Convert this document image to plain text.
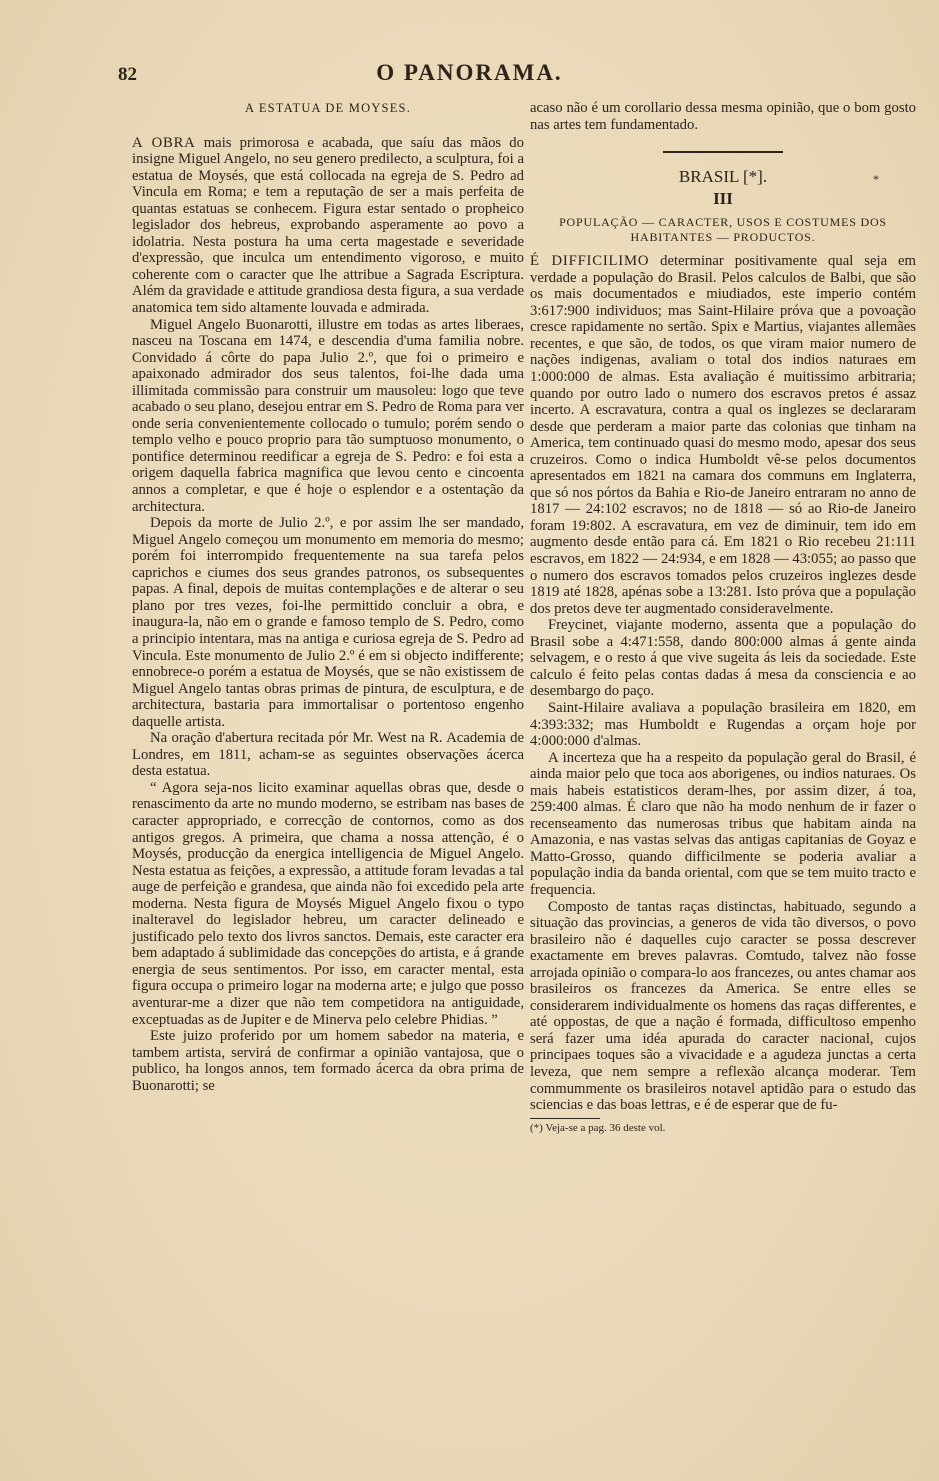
82	O PANORAMA.
A ESTATUA DE MOYSES.

A OBRA mais primorosa e acabada, que saíu das mãos do insigne Miguel Angelo, no seu genero predilecto, a sculptura, foi a estatua de Moysés, que está collocada na egreja de S. Pedro ad Vincula em Roma; e tem a reputação de ser a mais perfeita de quantas estatuas se conhecem. Figura estar sentado o propheico legislador dos hebreus, exprobando asperamente ao povo a idolatria. Nesta postura ha uma certa magestade e severidade d'expressão, que inculca um entendimento vigoroso, e muito coherente com o caracter que lhe attribue a Sagrada Escriptura. Além da gravidade e attitude grandiosa desta figura, a sua verdade anatomica tem sido altamente louvada e admirada.

Miguel Angelo Buonarotti, illustre em todas as artes liberaes, nasceu na Toscana em 1474, e descendia d'uma familia nobre. Convidado á côrte do papa Julio 2.º, que foi o primeiro e apaixonado admirador dos seus talentos, foi-lhe dada uma illimitada commissão para construir um mausoleu: logo que teve acabado o seu plano, desejou entrar em S. Pedro de Roma para ver onde seria convenientemente collocado o tumulo; porém sendo o templo velho e pouco proprio para tão sumptuoso monumento, o pontifice determinou reedificar a egreja de S. Pedro: e foi esta a origem daquella fabrica magnifica que levou cento e cincoenta annos a completar, e que é hoje o esplendor e a ostentação da architectura.

Depois da morte de Julio 2.º, e por assim lhe ser mandado, Miguel Angelo começou um monumento em memoria do mesmo; porém foi interrompido frequentemente na sua tarefa pelos caprichos e ciumes dos seus grandes patronos, os subsequentes papas. A final, depois de muitas contemplações e de alterar o seu plano por tres vezes, foi-lhe permittido concluir a obra, e inaugura-la, não em o grande e famoso templo de S. Pedro, como a principio intentara, mas na antiga e curiosa egreja de S. Pedro ad Vincula. Este monumento de Julio 2.º é em si objecto indifferente; ennobrece-o porém a estatua de Moysés, que se não existissem de Miguel Angelo tantas obras primas de pintura, de esculptura, e de architectura, bastaria para immortalisar o portentoso engenho daquelle artista.

Na oração d'abertura recitada pór Mr. West na R. Academia de Londres, em 1811, acham-se as seguintes observações ácerca desta estatua.

“ Agora seja-nos licito examinar aquellas obras que, desde o renascimento da arte no mundo moderno, se estribam nas bases de caracter appropriado, e correcção de contornos, como as dos antigos gregos. A primeira, que chama a nossa attenção, é o Moysés, producção da energica intelligencia de Miguel Angelo. Nesta estatua as feições, a expressão, a attitude foram levadas a tal auge de perfeição e grandesa, que ainda não foi excedido pela arte moderna. Nesta figura de Moysés Miguel Angelo fixou o typo inalteravel do legislador hebreu, um caracter delineado e justificado pelo texto dos livros sanctos. Demais, este caracter era bem adaptado á sublimidade das concepções do artista, e á grande energia de seus sentimentos. Por isso, em caracter mental, esta figura occupa o primeiro logar na moderna arte; e julgo que posso aventurar-me a dizer que não tem competidora na antiguidade, exceptuadas as de Jupiter e de Minerva pelo celebre Phidias. ”

Este juizo proferido por um homem sabedor na materia, e tambem artista, servirá de confirmar a opinião vantajosa, que o publico, ha longos annos, tem formado ácerca da obra prima de Buonarotti; se

acaso não é um corollario dessa mesma opinião, que o bom gosto nas artes tem fundamentado.

BRASIL [*].
III
POPULAÇÃO — CARACTER, USOS E COSTUMES DOS HABITANTES — PRODUCTOS.

É DIFFICILIMO determinar positivamente qual seja em verdade a população do Brasil. Pelos calculos de Balbi, que são os mais documentados e miudiados, este imperio contém 3:617:900 individuos; mas Saint-Hilaire próva que a povoação cresce rapidamente no sertão. Spix e Martius, viajantes allemães recentes, e que são, de todos, os que viram maior numero de nações indigenas, avaliam o total dos indios naturaes em 1:000:000 de almas. Esta avaliação é muitissimo arbitraria; quando por outro lado o numero dos escravos pretos é assaz incerto. A escravatura, contra a qual os inglezes se declararam desde que perderam a maior parte das colonias que tinham na America, tem continuado quasi do mesmo modo, apesar dos seus cruzeiros. Como o indica Humboldt vê-se pelos documentos apresentados em 1821 na camara dos communs em Inglaterra, que só nos pórtos da Bahia e Rio-de Janeiro entraram no anno de 1817 — 24:102 escravos; no de 1818 — só ao Rio-de Janeiro foram 19:802. A escravatura, em vez de diminuir, tem ido em augmento desde então para cá. Em 1821 o Rio recebeu 21:111 escravos, em 1822 — 24:934, e em 1828 — 43:055; ao passo que o numero dos escravos tomados pelos cruzeiros inglezes desde 1819 até 1828, apénas sobe a 13:281. Isto próva que a população dos pretos deve ter augmentado consideravelmente.

Freycinet, viajante moderno, assenta que a população do Brasil sobe a 4:471:558, dando 800:000 almas á gente ainda selvagem, e o resto á que vive sugeita ás leis da sociedade. Este calculo é feito pelas contas dadas á mesa da consciencia e ao desembargo do paço.

Saint-Hilaire avaliava a população brasileira em 1820, em 4:393:332; mas Humboldt e Rugendas a orçam hoje por 4:000:000 d'almas.

A incerteza que ha a respeito da população geral do Brasil, é ainda maior pelo que toca aos aborigenes, ou indios naturaes. Os mais habeis estatisticos deram-lhes, por assim dizer, á toa, 259:400 almas. É claro que não ha modo nenhum de ir fazer o recenseamento das numerosas tribus que habitam ainda na Amazonia, e nas vastas selvas das antigas capitanias de Goyaz e Matto-Grosso, quando difficilmente se poderia avaliar a população india da banda oriental, com que se tem muito tracto e frequencia.

Composto de tantas raças distinctas, habituado, segundo a situação das provincias, a generos de vida tão diversos, o povo brasileiro não é daquelles cujo caracter se possa descrever exactamente em breves palavras. Comtudo, talvez não fosse arrojada opinião o compara-lo aos francezes, ou antes chamar aos brasileiros os francezes da America. Se entre elles se considerarem individualmente os homens das raças differentes, e até oppostas, de que a nação é formada, difficultoso empenho será fazer uma idéa apurada do caracter nacional, cujos principaes toques são a vivacidade e a agudeza junctas a certa leveza, que nem sempre a reflexão alcança moderar. Tem commummente os brasileiros notavel aptidão para o estudo das sciencias e das boas lettras, e é de esperar que de fu-

(*) Veja-se a pag. 36 deste vol.

*
